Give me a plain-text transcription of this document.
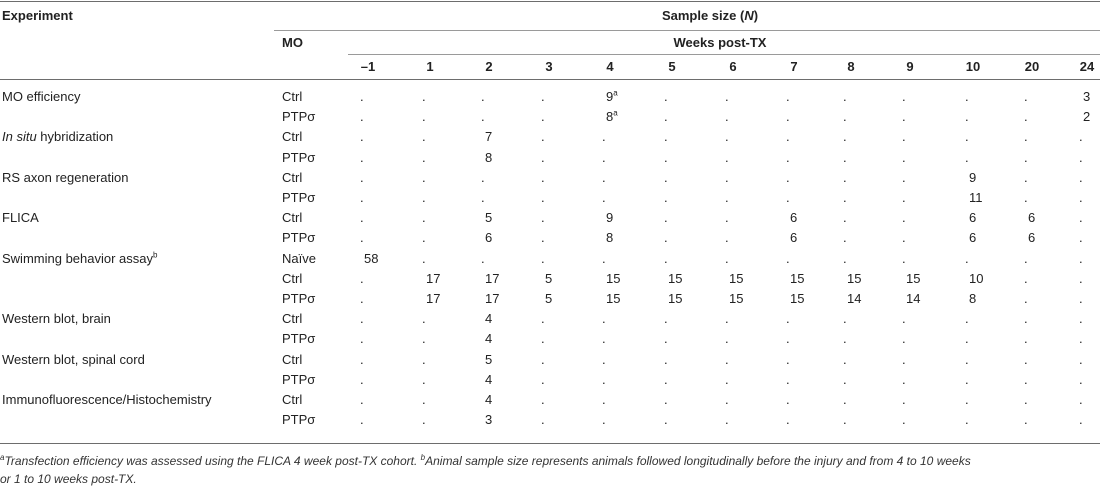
Experiment	Sample size (N)
MO	Weeks post-TX
–1	1	2	3	4	5	6	7	8	9	10	20	24
MO efficiency	Ctrl	.	.	.	.	9$^a$	.	.	.	.	.	.	.	3
PTPσ	.	.	.	.	8$^a$	.	.	.	.	.	.	.	2
In situ hybridization	Ctrl	.	.	7	.	.	.	.	.	.	.	.	.	.
PTPσ	.	.	8	.	.	.	.	.	.	.	.	.	.
RS axon regeneration	Ctrl	.	.	.	.	.	.	.	.	.	.	9	.	.
PTPσ	.	.	.	.	.	.	.	.	.	.	11	.	.
FLICA	Ctrl	.	.	5	.	9	.	.	6	.	.	6	6	.
PTPσ	.	.	6	.	8	.	.	6	.	.	6	6	.
Swimming behavior assay$^b$	Naïve	58	.	.	.	.	.	.	.	.	.	.	.	.
Ctrl	.	17	17	5	15	15	15	15	15	15	10	.	.
PTPσ	.	17	17	5	15	15	15	15	14	14	8	.	.
Western blot, brain	Ctrl	.	.	4	.	.	.	.	.	.	.	.	.	.
PTPσ	.	.	4	.	.	.	.	.	.	.	.	.	.
Western blot, spinal cord	Ctrl	.	.	5	.	.	.	.	.	.	.	.	.	.
PTPσ	.	.	4	.	.	.	.	.	.	.	.	.	.
Immunofluorescence/Histochemistry	Ctrl	.	.	4	.	.	.	.	.	.	.	.	.	.
PTPσ	.	.	3	.	.	.	.	.	.	.	.	.	.
$^a$Transfection efficiency was assessed using the FLICA 4 week post-TX cohort. $^b$Animal sample size represents animals followed longitudinally before the injury and from 4 to 10 weeks
or 1 to 10 weeks post-TX.
